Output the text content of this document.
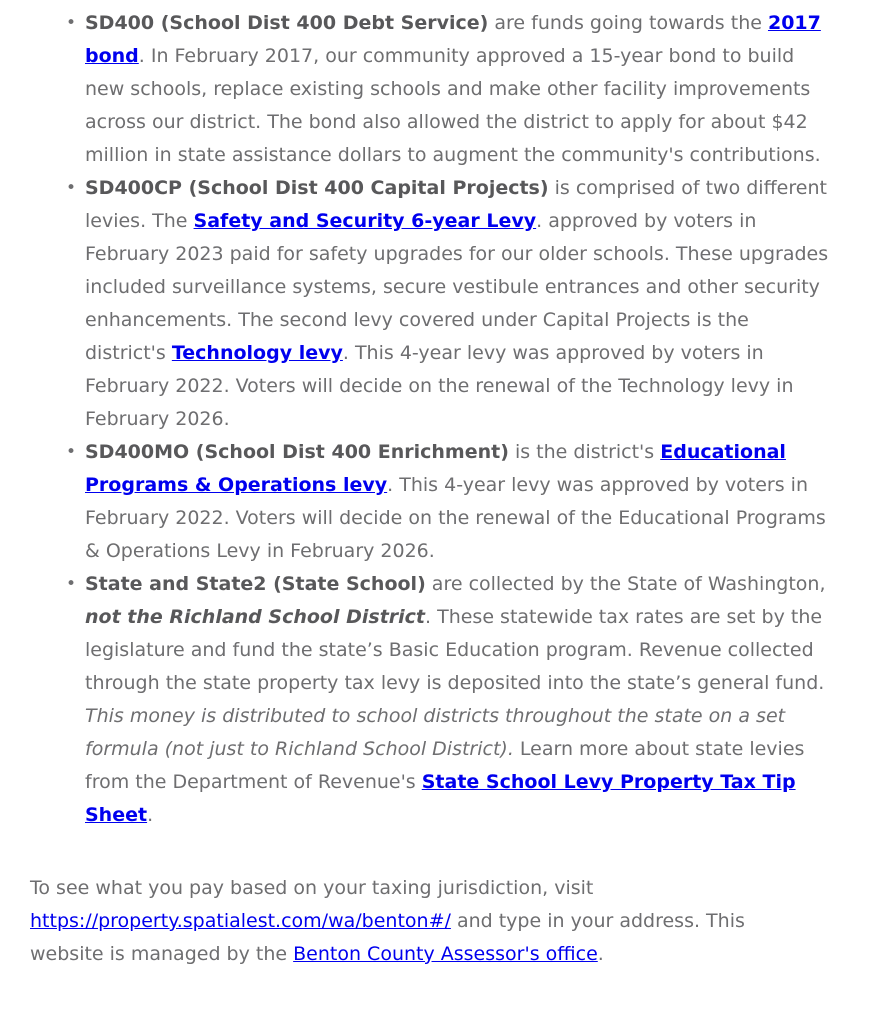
• SD400 (School Dist 400 Debt Service) are funds going towards the 2017 bond. In February 2017, our community approved a 15-year bond to build new schools, replace existing schools and make other facility improvements across our district. The bond also allowed the district to apply for about $42 million in state assistance dollars to augment the community's contributions.
• SD400CP (School Dist 400 Capital Projects) is comprised of two different levies. The Safety and Security 6-year Levy. approved by voters in February 2023 paid for safety upgrades for our older schools. These upgrades included surveillance systems, secure vestibule entrances and other security enhancements. The second levy covered under Capital Projects is the district's Technology levy. This 4-year levy was approved by voters in February 2022. Voters will decide on the renewal of the Technology levy in February 2026.
• SD400MO (School Dist 400 Enrichment) is the district's Educational Programs & Operations levy. This 4-year levy was approved by voters in February 2022. Voters will decide on the renewal of the Educational Programs & Operations Levy in February 2026.
• State and State2 (State School) are collected by the State of Washington, not the Richland School District. These statewide tax rates are set by the legislature and fund the state’s Basic Education program. Revenue collected through the state property tax levy is deposited into the state’s general fund. This money is distributed to school districts throughout the state on a set formula (not just to Richland School District). Learn more about state levies from the Department of Revenue's State School Levy Property Tax Tip Sheet.

To see what you pay based on your taxing jurisdiction, visit https://property.spatialest.com/wa/benton#/ and type in your address. This website is managed by the Benton County Assessor's office.
